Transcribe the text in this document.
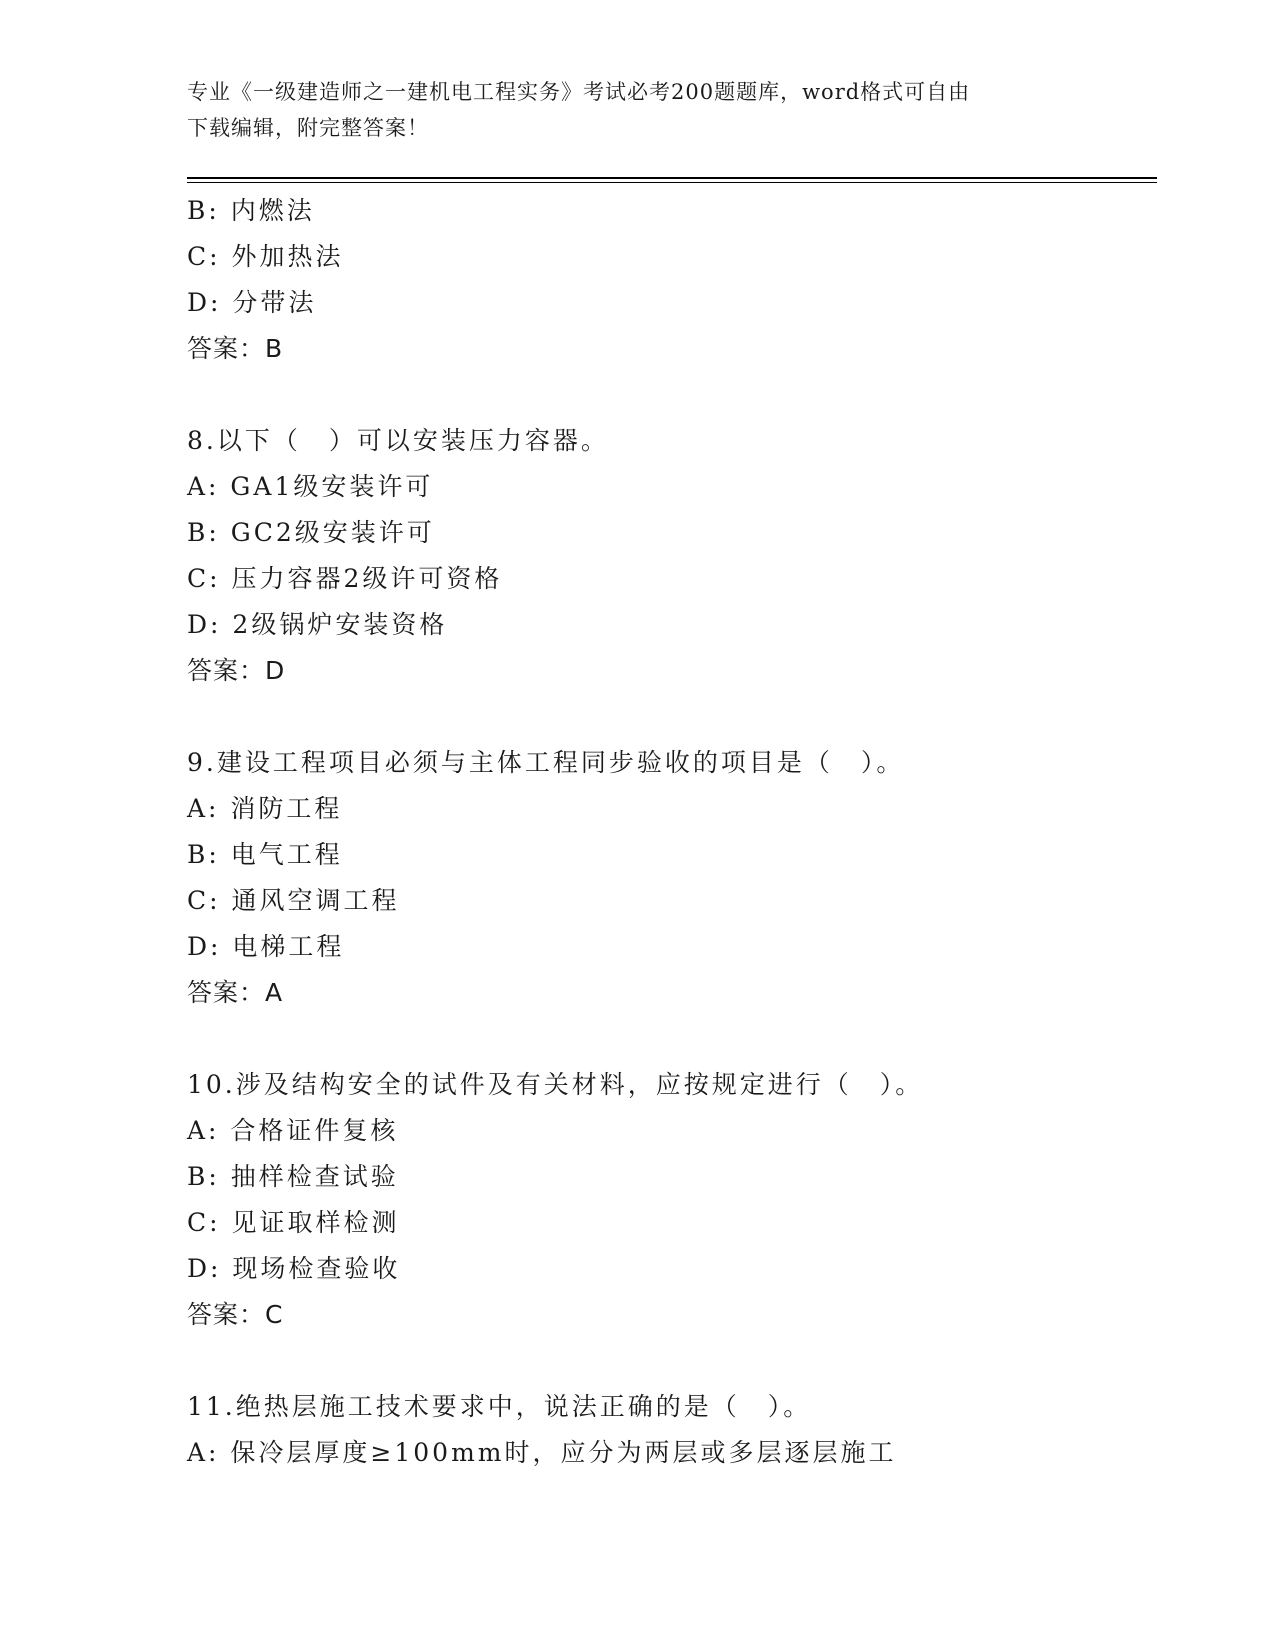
专业《一级建造师之一建机电工程实务》考试必考200题题库，word格式可自由
下载编辑，附完整答案！
B: 内燃法
C: 外加热法
D: 分带法
答案：B
8.以下（　）可以安装压力容器。
A: GA1级安装许可
B: GC2级安装许可
C: 压力容器2级许可资格
D: 2级锅炉安装资格
答案：D
9.建设工程项目必须与主体工程同步验收的项目是（　）。
A: 消防工程
B: 电气工程
C: 通风空调工程
D: 电梯工程
答案：A
10.涉及结构安全的试件及有关材料，应按规定进行（　）。
A: 合格证件复核
B: 抽样检查试验
C: 见证取样检测
D: 现场检查验收
答案：C
11.绝热层施工技术要求中，说法正确的是（　）。
A: 保冷层厚度≥100mm时，应分为两层或多层逐层施工
